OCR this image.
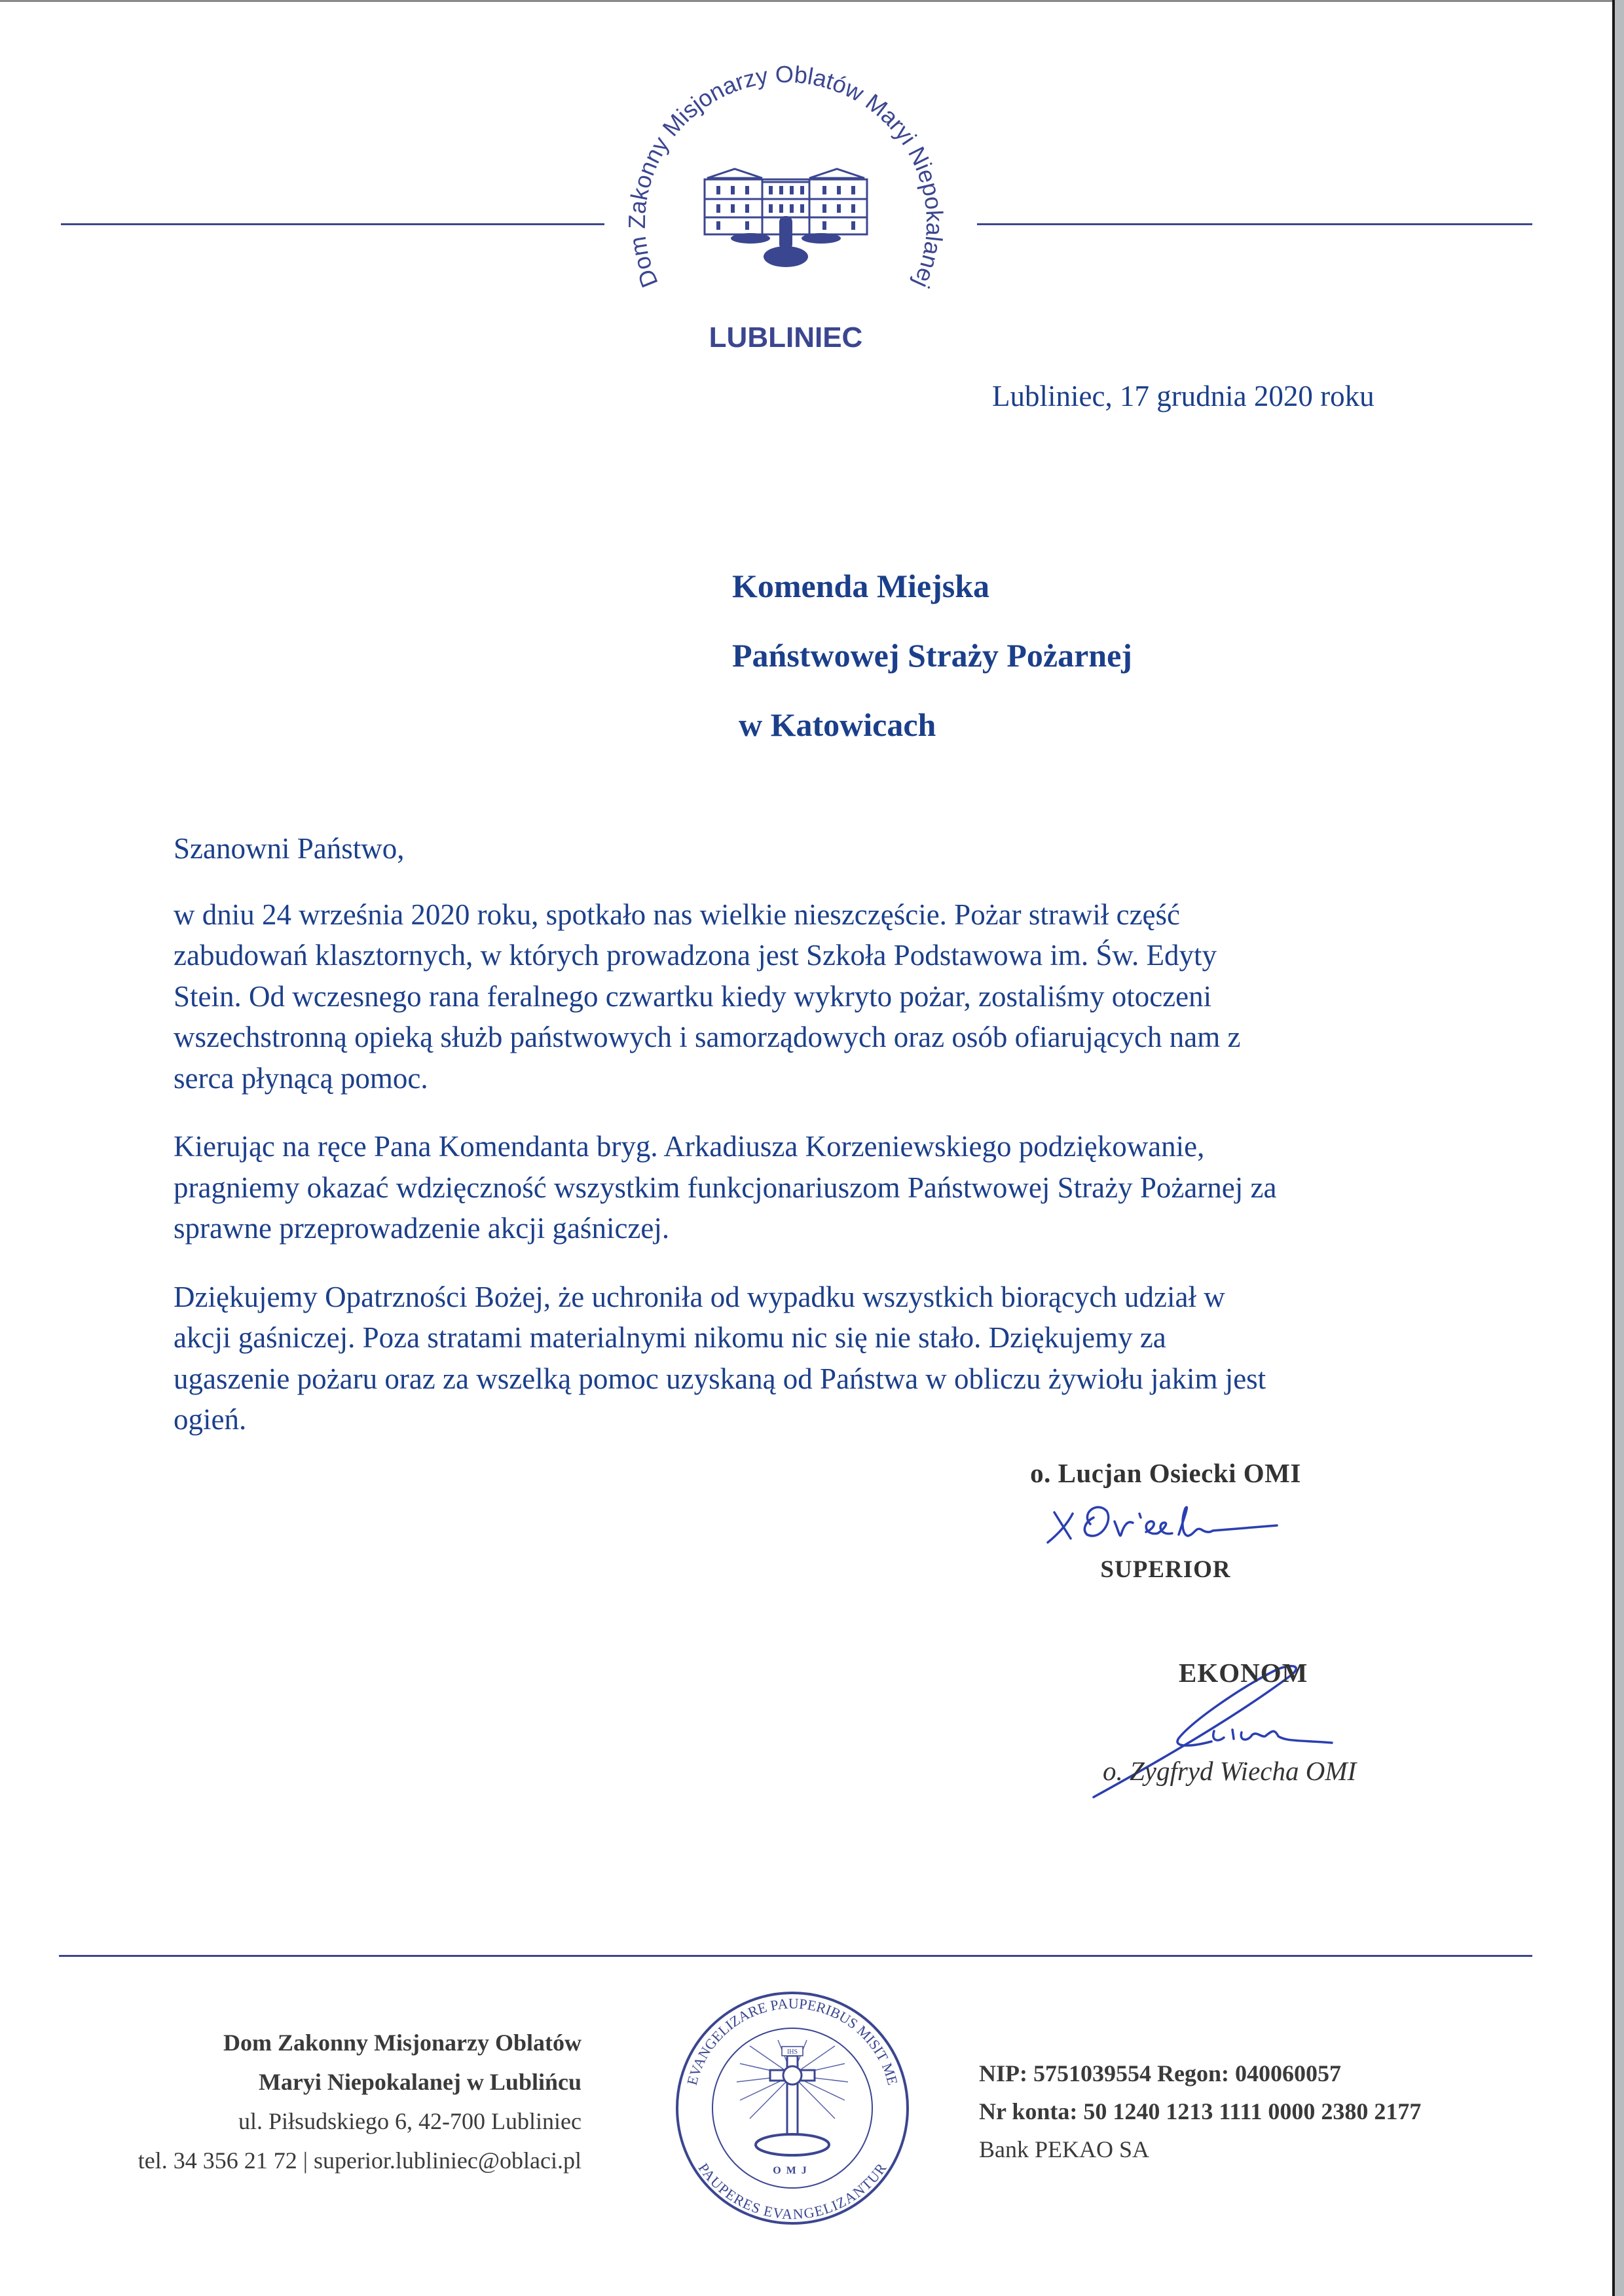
Dom Zakonny Misjonarzy Oblatów Maryi Niepokalanej
LUBLINIEC
Lubliniec, 17 grudnia 2020 roku
Komenda Miejska
Państwowej Straży Pożarnej
w Katowicach

Szanowni Państwo,

w dniu 24 września 2020 roku, spotkało nas wielkie nieszczęście. Pożar strawił część
zabudowań klasztornych, w których prowadzona jest Szkoła Podstawowa im. Św. Edyty
Stein. Od wczesnego rana feralnego czwartku kiedy wykryto pożar, zostaliśmy otoczeni
wszechstronną opieką służb państwowych i samorządowych oraz osób ofiarujących nam z
serca płynącą pomoc.

Kierując na ręce Pana Komendanta bryg. Arkadiusza Korzeniewskiego podziękowanie,
pragniemy okazać wdzięczność wszystkim funkcjonariuszom Państwowej Straży Pożarnej za
sprawne przeprowadzenie akcji gaśniczej.

Dziękujemy Opatrzności Bożej, że uchroniła od wypadku wszystkich biorących udział w
akcji gaśniczej. Poza stratami materialnymi nikomu nic się nie stało. Dziękujemy za
ugaszenie pożaru oraz za wszelką pomoc uzyskaną od Państwa w obliczu żywiołu jakim jest
ogień.

o. Lucjan Osiecki OMI
SUPERIOR
EKONOM
o. Zygfryd Wiecha OMI
Dom Zakonny Misjonarzy Oblatów
Maryi Niepokalanej w Lublińcu
ul. Piłsudskiego 6, 42-700 Lubliniec
tel. 34 356 21 72 | superior.lubliniec@oblaci.pl
EVANGELIZARE PAUPERIBUS MISIT ME
PAUPERES EVANGELIZANTUR
IHS
OMJ
NIP: 5751039554 Regon: 040060057
Nr konta: 50 1240 1213 1111 0000 2380 2177
Bank PEKAO SA
